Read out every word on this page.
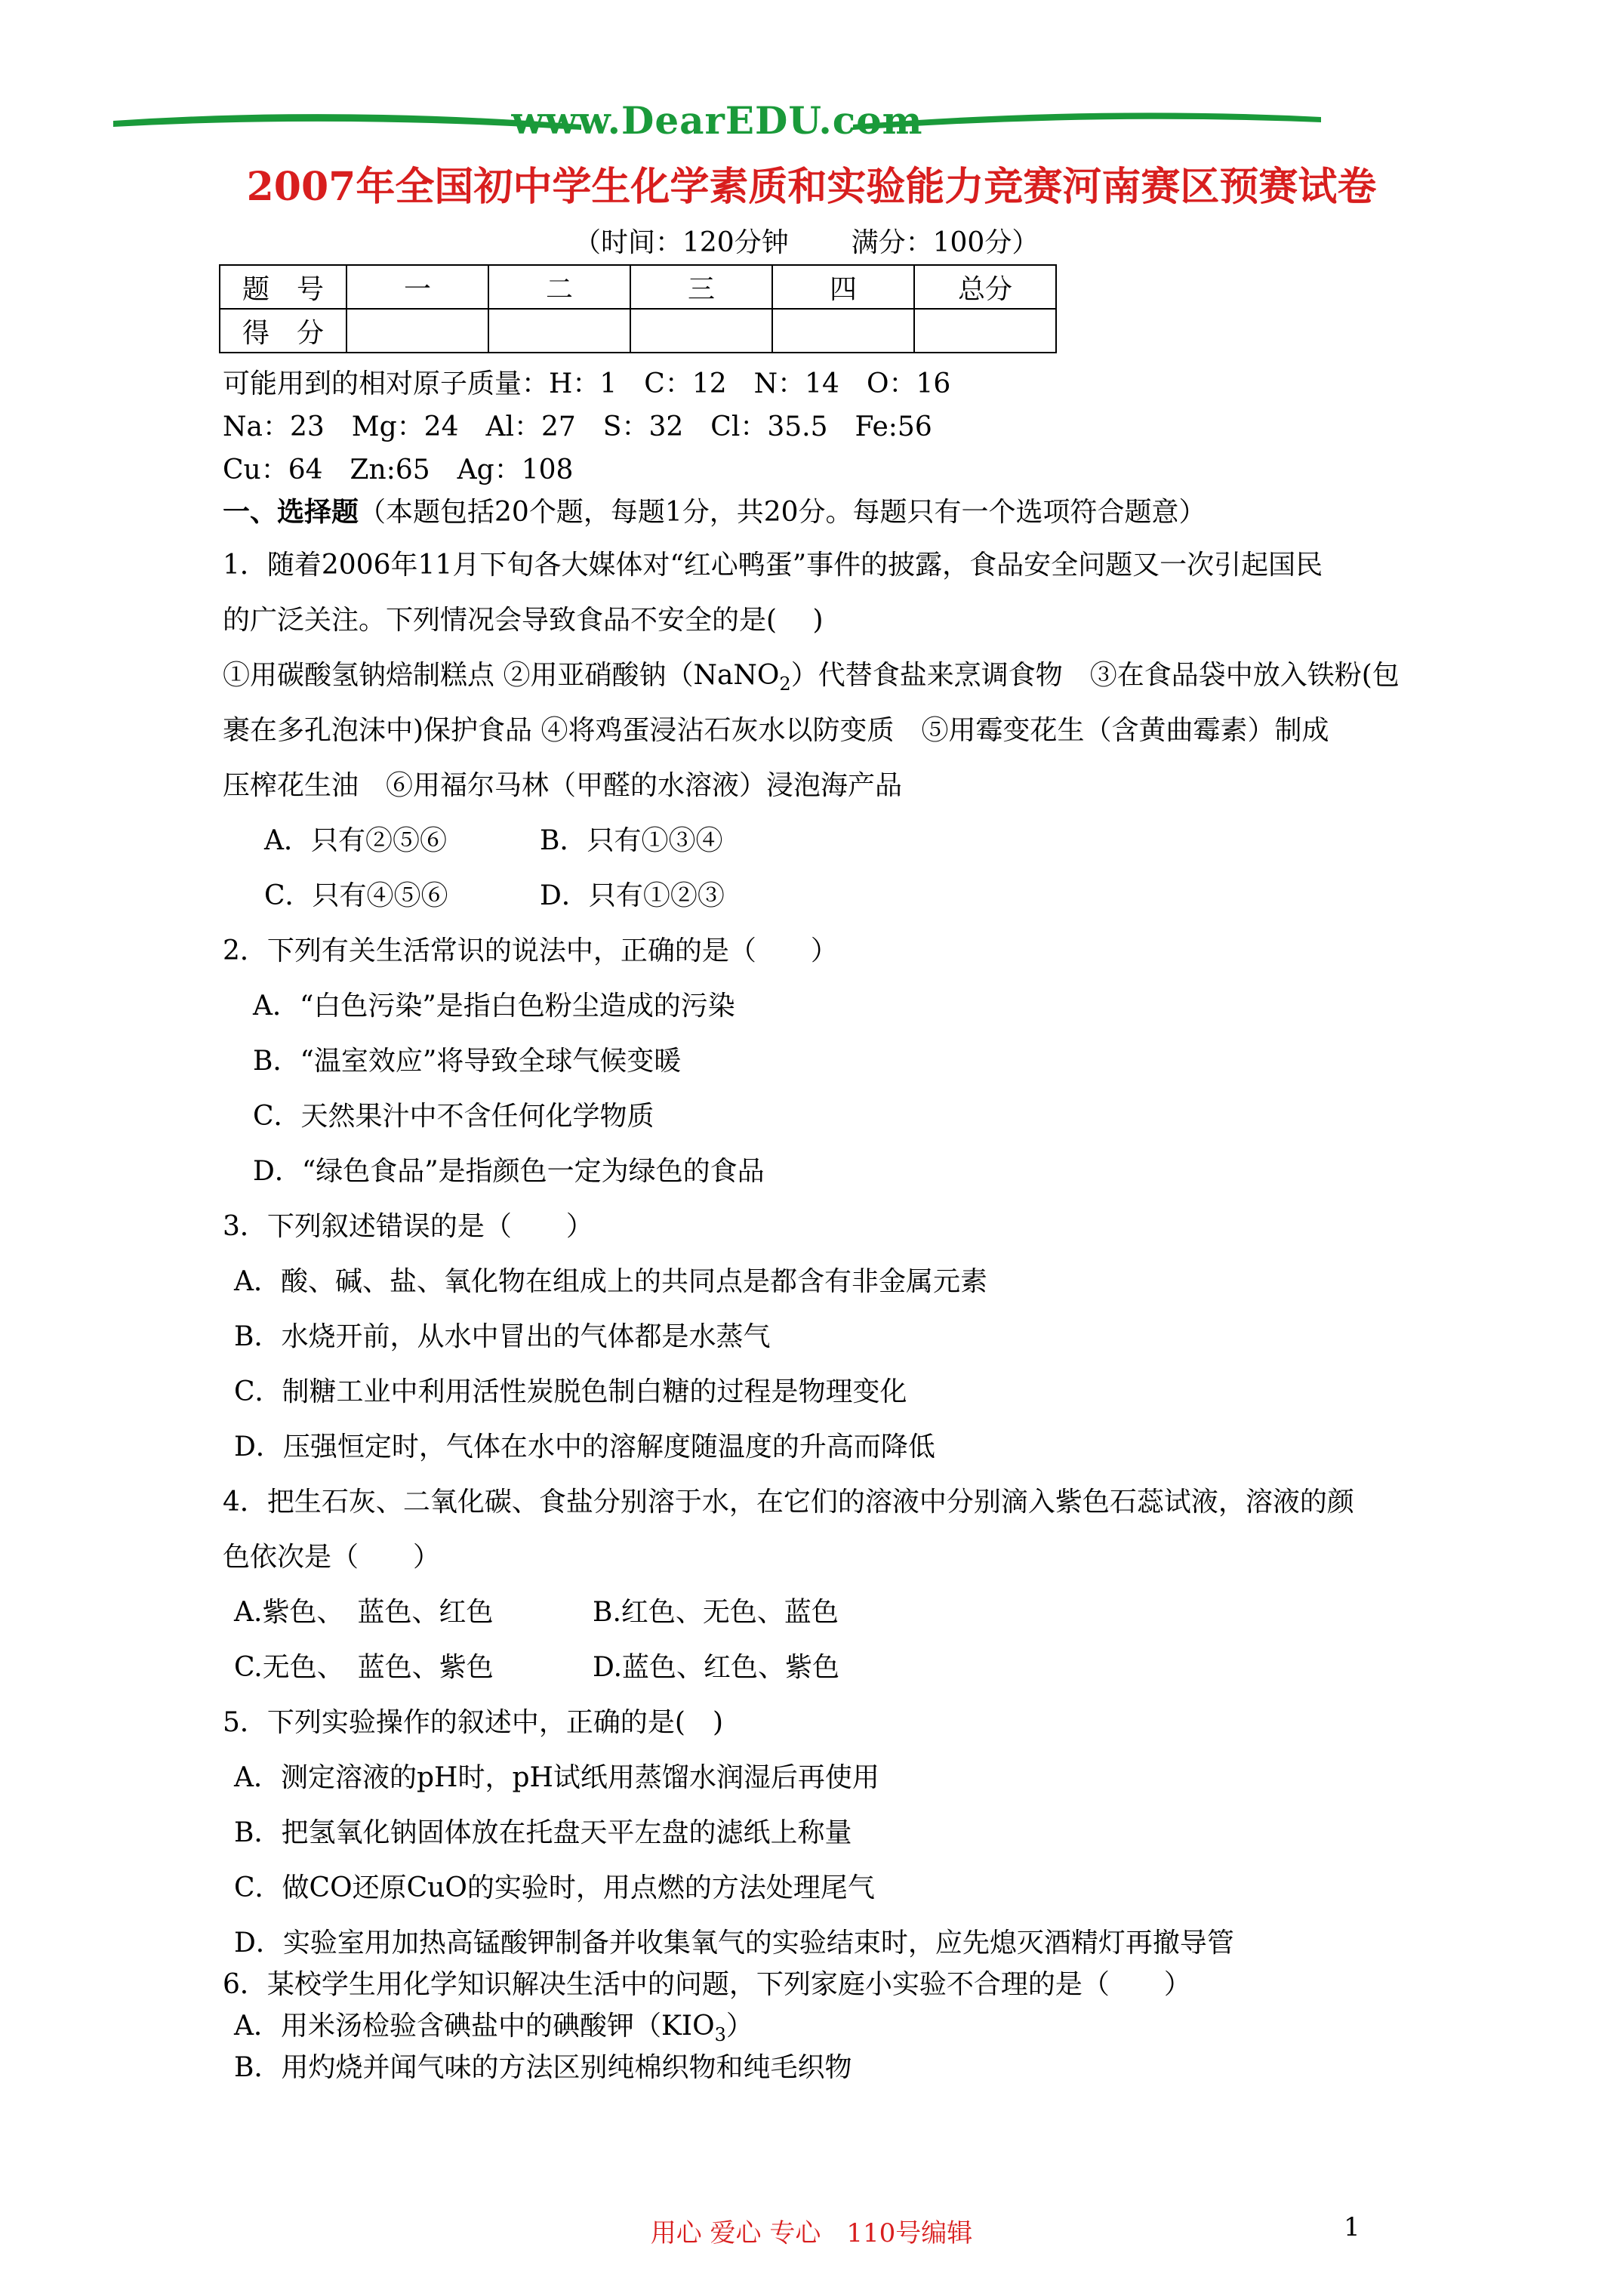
www.DearEDU.com
2007年全国初中学生化学素质和实验能力竞赛河南赛区预赛试卷
（时间：120分钟 满分：100分）
题　号	一	二	三	四	总分
得　分					
可能用到的相对原子质量：H：1　C：12　N：14　O：16
Na：23　Mg：24　Al：27　S：32　Cl：35.5　Fe:56
Cu：64　Zn:65　Ag：108
一、选择题（本题包括20个题，每题1分，共20分。每题只有一个选项符合题意）
1．随着2006年11月下旬各大媒体对“红心鸭蛋”事件的披露，食品安全问题又一次引起国民
的广泛关注。下列情况会导致食品不安全的是(　 )
①用碳酸氢钠焙制糕点 ②用亚硝酸钠（NaNO$_2$）代替食盐来烹调食物　③在食品袋中放入铁粉(包
裹在多孔泡沫中)保护食品 ④将鸡蛋浸沾石灰水以防变质　⑤用霉变花生（含黄曲霉素）制成
压榨花生油　⑥用福尔马林（甲醛的水溶液）浸泡海产品
A．只有②⑤⑥	B．只有①③④
C．只有④⑤⑥	D．只有①②③
2．下列有关生活常识的说法中，正确的是（　　）
A．“白色污染”是指白色粉尘造成的污染
B．“温室效应”将导致全球气候变暖
C．天然果汁中不含任何化学物质
D．“绿色食品”是指颜色一定为绿色的食品
3．下列叙述错误的是（　　）
A．酸、碱、盐、氧化物在组成上的共同点是都含有非金属元素
B．水烧开前，从水中冒出的气体都是水蒸气
C．制糖工业中利用活性炭脱色制白糖的过程是物理变化
D．压强恒定时，气体在水中的溶解度随温度的升高而降低
4．把生石灰、二氧化碳、食盐分别溶于水，在它们的溶液中分别滴入紫色石蕊试液，溶液的颜
色依次是（　　）
A.紫色、　蓝色、红色	B.红色、无色、蓝色
C.无色、　蓝色、紫色	D.蓝色、红色、紫色
5．下列实验操作的叙述中，正确的是(　)
A．测定溶液的pH时，pH试纸用蒸馏水润湿后再使用
B．把氢氧化钠固体放在托盘天平左盘的滤纸上称量
C．做CO还原CuO的实验时，用点燃的方法处理尾气
D．实验室用加热高锰酸钾制备并收集氧气的实验结束时，应先熄灭酒精灯再撤导管
6．某校学生用化学知识解决生活中的问题，下列家庭小实验不合理的是（　　）
A．用米汤检验含碘盐中的碘酸钾$(KIO_3)$
B．用灼烧并闻气味的方法区别纯棉织物和纯毛织物
用心 爱心 专心　110号编辑	1
